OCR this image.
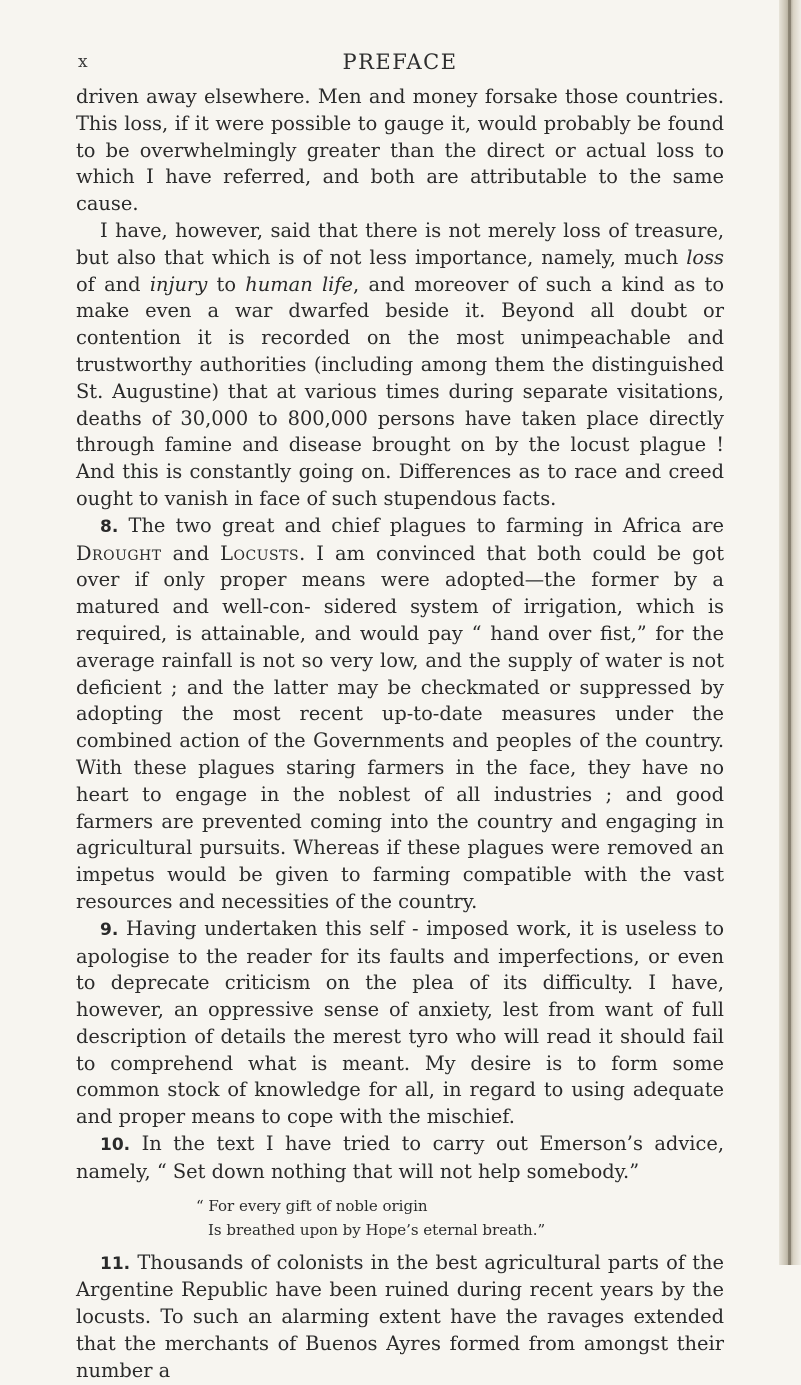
x	PREFACE

driven away elsewhere. Men and money forsake those countries. This loss, if it were possible to gauge it, would probably be found to be overwhelmingly greater than the direct or actual loss to which I have referred, and both are attributable to the same cause.

I have, however, said that there is not merely loss of treasure, but also that which is of not less importance, namely, much loss of and injury to human life, and moreover of such a kind as to make even a war dwarfed beside it. Beyond all doubt or contention it is recorded on the most unimpeachable and trustworthy authorities (including among them the distinguished St. Augustine) that at various times during separate visitations, deaths of 30,000 to 800,000 persons have taken place directly through famine and disease brought on by the locust plague ! And this is constantly going on. Differences as to race and creed ought to vanish in face of such stupendous facts.

8. The two great and chief plagues to farming in Africa are Drought and Locusts. I am convinced that both could be got over if only proper means were adopted—the former by a matured and well-con- sidered system of irrigation, which is required, is attainable, and would pay “ hand over fist,” for the average rainfall is not so very low, and the supply of water is not deficient ; and the latter may be checkmated or suppressed by adopting the most recent up-to-date measures under the combined action of the Governments and peoples of the country. With these plagues staring farmers in the face, they have no heart to engage in the noblest of all industries ; and good farmers are prevented coming into the country and engaging in agricultural pursuits. Whereas if these plagues were removed an impetus would be given to farming compatible with the vast resources and necessities of the country.

9. Having undertaken this self - imposed work, it is useless to apologise to the reader for its faults and imperfections, or even to deprecate criticism on the plea of its difficulty. I have, however, an oppressive sense of anxiety, lest from want of full description of details the merest tyro who will read it should fail to comprehend what is meant. My desire is to form some common stock of knowledge for all, in regard to using adequate and proper means to cope with the mischief.

10. In the text I have tried to carry out Emerson’s advice, namely, “ Set down nothing that will not help somebody.”

“ For every gift of noble origin
Is breathed upon by Hope’s eternal breath.”

11. Thousands of colonists in the best agricultural parts of the Argentine Republic have been ruined during recent years by the locusts. To such an alarming extent have the ravages extended that the merchants of Buenos Ayres formed from amongst their number a
